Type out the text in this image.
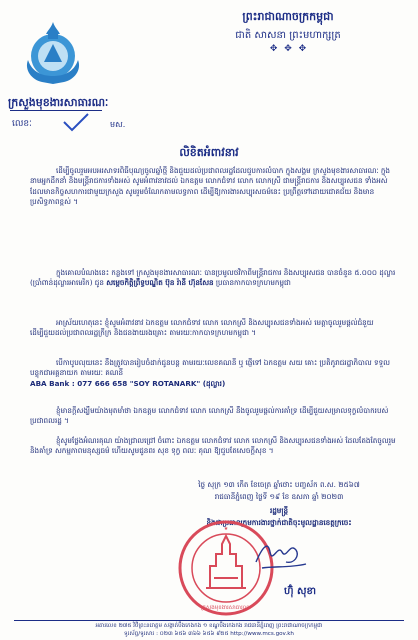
ព្រះរាជាណាចក្រកម្ពុជា
ជាតិ សាសនា ព្រះមហាក្សត្រ
✥ ✥ ✥
ក្រសួងមុខងារសាធារណៈ
លេខៈ	មស.
លិខិតអំពាវនាវ
ដើម្បីចូលរួមអបអរសាទរពិធីបុណ្យចូលឆ្នាំថ្មី និងជួយដល់ប្រជាពលរដ្ឋដែលជួបការលំបាក ក្នុងសង្គម ក្រសួងមុខងារសាធារណៈ ក្នុងនាមអ្នកដឹកនាំ និងមន្ត្រីរាជការទាំងអស់ សូមអំពាវនាវដល់ ឯកឧត្តម លោកជំទាវ លោក លោកស្រី ជាមន្ត្រីរាជការ និងសប្បុរសជន ទាំងអស់ ដែលមានកិច្ចសហការជាមួយក្រសួង សូមរួមចំណែកតាមលទ្ធភាព ដើម្បីឱ្យការងារសប្បុរសធម៌នេះ ប្រព្រឹត្តទៅដោយជោគជ័យ និងមានប្រសិទ្ធភាពខ្ពស់ ។
ក្នុងគោលបំណងនេះ កន្លងទៅ ក្រសួងមុខងារសាធារណៈ បានប្រមូលថវិកាពីមន្ត្រីរាជការ និងសប្បុរសជន បានចំនួន ៥.០០០ ដុល្លារ (ប្រាំពាន់ដុល្លារអាមេរិក) ជូន សម្តេចកិត្តិព្រឹទ្ធបណ្ឌិត ប៊ុន រ៉ានី ហ៊ុនសែន ប្រធានកាកបាទក្រហមកម្ពុជា
អាស្រ័យហេតុនេះ ខ្ញុំសូមអំពាវនាវ ឯកឧត្តម លោកជំទាវ លោក លោកស្រី និងសប្បុរសជនទាំងអស់ មេត្តាចូលរួមផ្តល់ជំនួយ ដើម្បីជួយដល់ប្រជាពលរដ្ឋក្រីក្រ និងជនងាយរងគ្រោះ តាមរយៈកាកបាទក្រហមកម្ពុជា ។
បើកាបូបលុយនេះ នឹងត្រូវបានរៀបចំដាក់ជូនបន្ត តាមរយៈលេខគណនី ឬ ផ្ញើទៅ ឯកឧត្តម សយ គោះ ប្រតិភូរាជរដ្ឋាភិបាល ទទួលបន្ទុកជាអគ្គនាយក តាមរយៈ គណនី
ABA Bank : 077 666 658 "SOY ROTANARK" (ដុល្លារ)
ខ្ញុំមានក្តីសង្ឃឹមយ៉ាងមុតមាំថា ឯកឧត្តម លោកជំទាវ លោក លោកស្រី នឹងចូលរួមផ្តល់ការគាំទ្រ ដើម្បីជួយសម្រាលទុក្ខលំបាករបស់ប្រជាពលរដ្ឋ ។
ខ្ញុំសូមថ្លែងអំណរគុណ យ៉ាងជ្រាលជ្រៅ ចំពោះ ឯកឧត្តម លោកជំទាវ លោក លោកស្រី និងសប្បុរសជនទាំងអស់ ដែលតែងតែចូលរួម និងគាំទ្រ សកម្មភាពមនុស្សធម៌ ហើយសូមជូនពរ សុខ ទុក្ខ ពលៈ គុណ ឱ្យជួបតែសេចក្តីសុខ ។
ថ្ងៃ សុក្រ ១៣ កើត ខែចេត្រ ឆ្នាំថោះ បញ្ចស័ក ព.ស. ២៥៦៧
រាជធានីភ្នំពេញ ថ្ងៃទី ១៩ ខែ ឧសភា ឆ្នាំ ២០២៣
រដ្ឋមន្ត្រី
និងជាប្រធានក្រុមការងារថ្នាក់ជាតិចុះមូលដ្ឋានខេត្តក្រចេះ
★
ក្រសួងមុខងារសាធារណៈ
ហ៊ុំ សុខា
អគារលេខ ២៧៥ វិថីព្រះនរោត្តម សង្កាត់បឹងកេងកង ១ ខណ្ឌបឹងកេងកង រាជធានីភ្នំពេញ ព្រះរាជាណាចក្រកម្ពុជា
ទូរស័ព្ទ/ទូរសារ : ០២៣ ៦៥៦ ៣៦៦ ៦៥៦ ៩២៥ http://www.mcs.gov.kh
